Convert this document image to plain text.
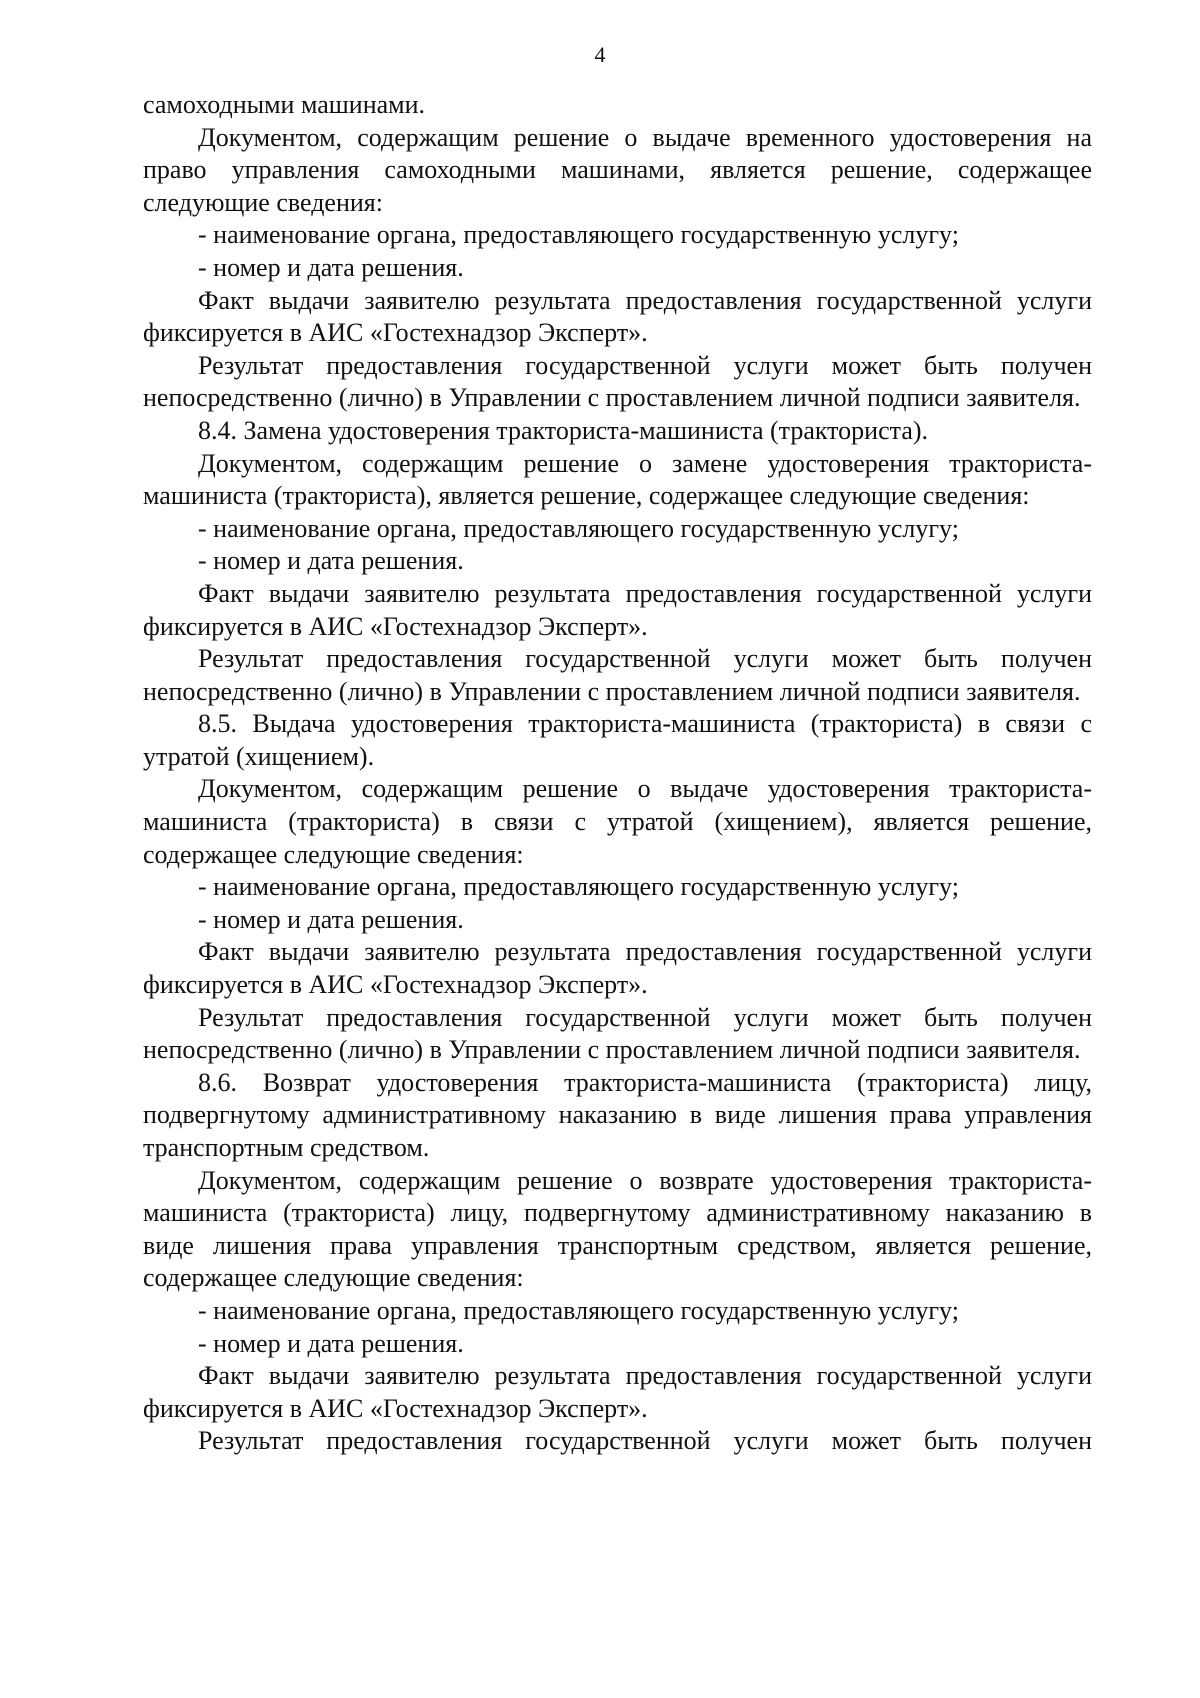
4

самоходными машинами.

Документом, содержащим решение о выдаче временного удостоверения на право управления самоходными машинами, является решение, содержащее следующие сведения:

- наименование органа, предоставляющего государственную услугу;

- номер и дата решения.

Факт выдачи заявителю результата предоставления государственной услуги фиксируется в АИС «Гостехнадзор Эксперт».

Результат предоставления государственной услуги может быть получен непосредственно (лично) в Управлении с проставлением личной подписи заявителя.

8.4. Замена удостоверения тракториста-машиниста (тракториста).

Документом, содержащим решение о замене удостоверения тракториста-машиниста (тракториста), является решение, содержащее следующие сведения:

- наименование органа, предоставляющего государственную услугу;

- номер и дата решения.

Факт выдачи заявителю результата предоставления государственной услуги фиксируется в АИС «Гостехнадзор Эксперт».

Результат предоставления государственной услуги может быть получен непосредственно (лично) в Управлении с проставлением личной подписи заявителя.

8.5. Выдача удостоверения тракториста-машиниста (тракториста) в связи с утратой (хищением).

Документом, содержащим решение о выдаче удостоверения тракториста-машиниста (тракториста) в связи с утратой (хищением), является решение, содержащее следующие сведения:

- наименование органа, предоставляющего государственную услугу;

- номер и дата решения.

Факт выдачи заявителю результата предоставления государственной услуги фиксируется в АИС «Гостехнадзор Эксперт».

Результат предоставления государственной услуги может быть получен непосредственно (лично) в Управлении с проставлением личной подписи заявителя.

8.6. Возврат удостоверения тракториста-машиниста (тракториста) лицу, подвергнутому административному наказанию в виде лишения права управления транспортным средством.

Документом, содержащим решение о возврате удостоверения тракториста-машиниста (тракториста) лицу, подвергнутому административному наказанию в виде лишения права управления транспортным средством, является решение, содержащее следующие сведения:

- наименование органа, предоставляющего государственную услугу;

- номер и дата решения.

Факт выдачи заявителю результата предоставления государственной услуги фиксируется в АИС «Гостехнадзор Эксперт».

Результат предоставления государственной услуги может быть получен
